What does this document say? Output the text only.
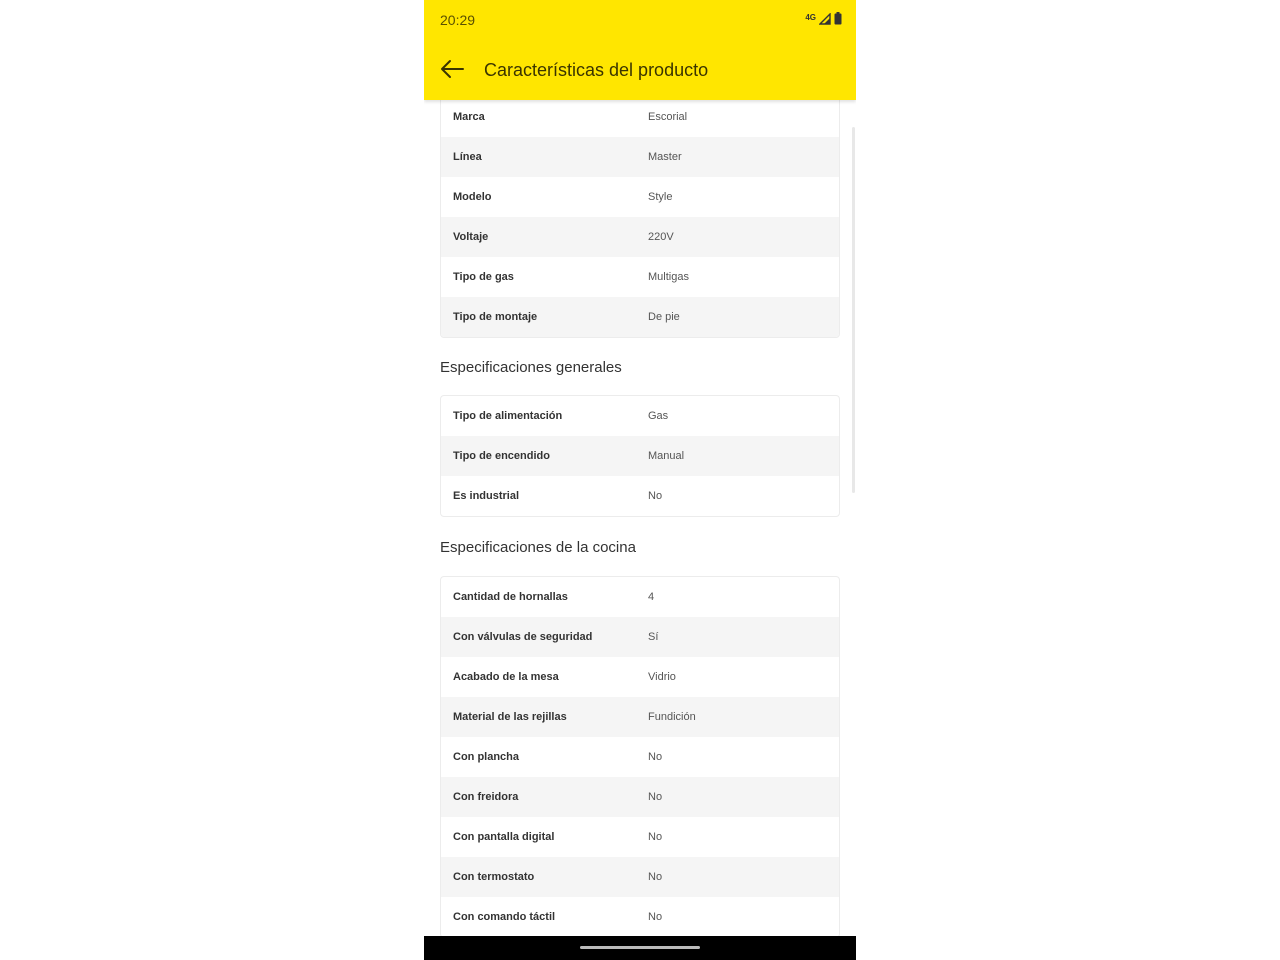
Marca	Escorial
Línea	Master
Modelo	Style
Voltaje	220V
Tipo de gas	Multigas
Tipo de montaje	De pie
Especificaciones generales
Tipo de alimentación	Gas
Tipo de encendido	Manual
Es industrial	No
Especificaciones de la cocina
Cantidad de hornallas	4
Con válvulas de seguridad	Sí
Acabado de la mesa	Vidrio
Material de las rejillas	Fundición
Con plancha	No
Con freidora	No
Con pantalla digital	No
Con termostato	No
Con comando táctil	No
20:29	4G
Características del producto
